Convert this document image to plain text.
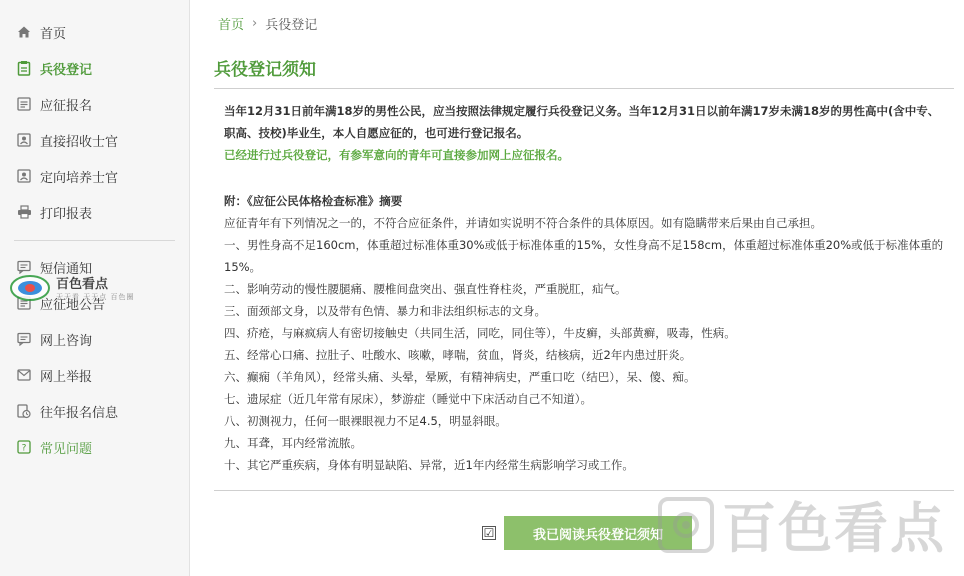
首页
兵役登记
应征报名
直接招收士官
定向培养士官
打印报表
短信通知
应征地公告
网上咨询
网上举报
往年报名信息
? 常见问题
百色看点
天天看 天天点 百色圈
首页 › 兵役登记
兵役登记须知

当年12月31日前年满18岁的男性公民，应当按照法律规定履行兵役登记义务。当年12月31日以前年满17岁未满18岁的男性高中(含中专、职高、技校)毕业生，本人自愿应征的，也可进行登记报名。

已经进行过兵役登记，有参军意向的青年可直接参加网上应征报名。

附：《应征公民体格检查标准》摘要

应征青年有下列情况之一的，不符合应征条件，并请如实说明不符合条件的具体原因。如有隐瞒带来后果由自己承担。

一、男性身高不足160cm，体重超过标准体重30%或低于标准体重的15%，女性身高不足158cm，体重超过标准体重20%或低于标准体重的15%。

二、影响劳动的慢性腰腿痛、腰椎间盘突出、强直性脊柱炎，严重脱肛，疝气。

三、面颈部文身，以及带有色情、暴力和非法组织标志的文身。

四、疥疮，与麻疯病人有密切接触史（共同生活，同吃，同住等），牛皮癣，头部黄癣，吸毒，性病。

五、经常心口痛、拉肚子、吐酸水、咳嗽，哮喘，贫血，肾炎，结核病，近2年内患过肝炎。

六、癫痫（羊角风），经常头痛、头晕，晕厥，有精神病史，严重口吃（结巴），呆、傻、痴。

七、遗尿症（近几年常有尿床），梦游症（睡觉中下床活动自己不知道）。

八、初测视力，任何一眼裸眼视力不足4.5，明显斜眼。

九、耳聋，耳内经常流脓。

十、其它严重疾病，身体有明显缺陷、异常，近1年内经常生病影响学习或工作。

☑	我已阅读兵役登记须知	百色看点
